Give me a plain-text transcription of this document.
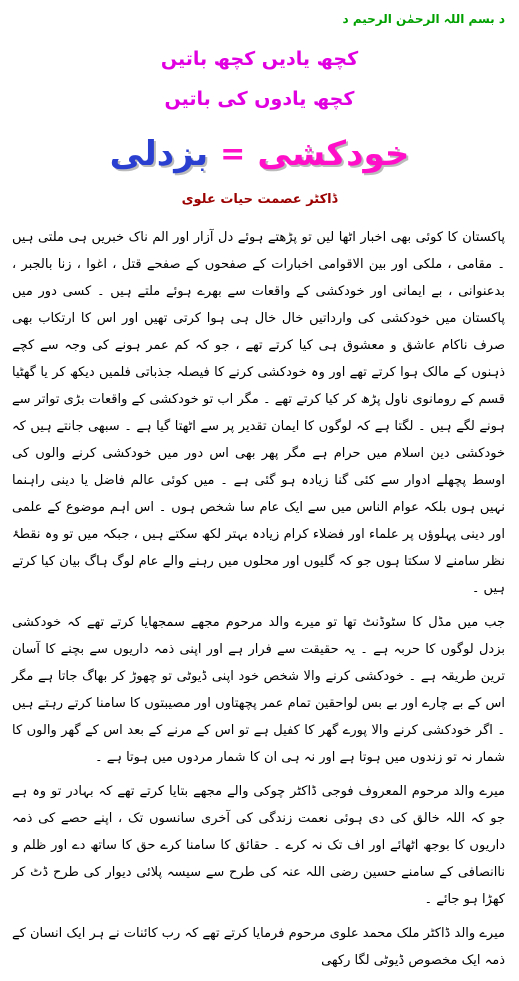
د بسم اللہ الرحمٰن الرحیم د
کچھ یادیں کچھ باتیں
کچھ یادوں کی باتیں
بزدلی = خودکشی
ڈاکٹر عصمت حیات علوی

پاکستان کا کوئی بھی اخبار اٹھا لیں تو پڑھتے ہوئے دل آزار اور الم ناک خبریں ہی ملتی ہیں ۔ مقامی ، ملکی اور بین الاقوامی اخبارات کے صفحوں کے صفحے قتل ، اغوا ، زنا بالجبر ، بدعنوانی ، بے ایمانی اور خودکشی کے واقعات سے بھرے ہوئے ملتے ہیں ۔ کسی دور میں پاکستان میں خودکشی کی وارداتیں خال خال ہی ہوا کرتی تھیں اور اس کا ارتکاب بھی صرف ناکام عاشق و معشوق ہی کیا کرتے تھے ، جو کہ کم عمر ہونے کی وجہ سے کچے ذہنوں کے مالک ہوا کرتے تھے اور وہ خودکشی کرنے کا فیصلہ جذباتی فلمیں دیکھ کر یا گھٹیا قسم کے رومانوی ناول پڑھ کر کیا کرتے تھے ۔ مگر اب تو خودکشی کے واقعات بڑی تواتر سے ہونے لگے ہیں ۔ لگتا ہے کہ لوگوں کا ایمان تقدیر پر سے اٹھتا گیا ہے ۔ سبھی جانتے ہیں کہ خودکشی دین اسلام میں حرام ہے مگر پھر بھی اس دور میں خودکشی کرنے والوں کی اوسط پچھلے ادوار سے کئی گنا زیادہ ہو گئی ہے ۔ میں کوئی عالم فاضل یا دینی راہنما نہیں ہوں بلکہ عوام الناس میں سے ایک عام سا شخص ہوں ۔ اس اہم موضوع کے علمی اور دینی پہلوؤں پر علماء اور فضلاء کرام زیادہ بہتر لکھ سکتے ہیں ، جبکہ میں تو وہ نقطۂ نظر سامنے لا سکتا ہوں جو کہ گلیوں اور محلوں میں رہنے والے عام لوگ ہاگ بیان کیا کرتے ہیں ۔

جب میں مڈل کا سٹوڈنٹ تھا تو میرے والد مرحوم مجھے سمجھایا کرتے تھے کہ خودکشی بزدل لوگوں کا حربہ ہے ۔ یہ حقیقت سے فرار ہے اور اپنی ذمہ داریوں سے بچنے کا آسان ترین طریقہ ہے ۔ خودکشی کرنے والا شخص خود اپنی ڈیوٹی تو چھوڑ کر بھاگ جاتا ہے مگر اس کے بے چارے اور بے بس لواحقین تمام عمر پچھتاوں اور مصیبتوں کا سامنا کرتے رہتے ہیں ۔ اگر خودکشی کرنے والا پورے گھر کا کفیل ہے تو اس کے مرنے کے بعد اس کے گھر والوں کا شمار نہ تو زندوں میں ہوتا ہے اور نہ ہی ان کا شمار مردوں میں ہوتا ہے ۔

میرے والد مرحوم المعروف فوجی ڈاکٹر چوکی والے مجھے بتایا کرتے تھے کہ بہادر تو وہ ہے جو کہ اللہ خالق کی دی ہوئی نعمت زندگی کی آخری سانسوں تک ، اپنے حصے کی ذمہ داریوں کا بوجھ اٹھائے اور اف تک نہ کرے ۔ حقائق کا سامنا کرے حق کا ساتھ دے اور ظلم و ناانصافی کے سامنے حسین رضی اللہ عنہ کی طرح سے سیسہ پلائی دیوار کی طرح ڈٹ کر کھڑا ہو جائے ۔

میرے والد ڈاکٹر ملک محمد علوی مرحوم فرمایا کرتے تھے کہ رب کائنات نے ہر ایک انسان کے ذمہ ایک مخصوص ڈیوٹی لگا رکھی
